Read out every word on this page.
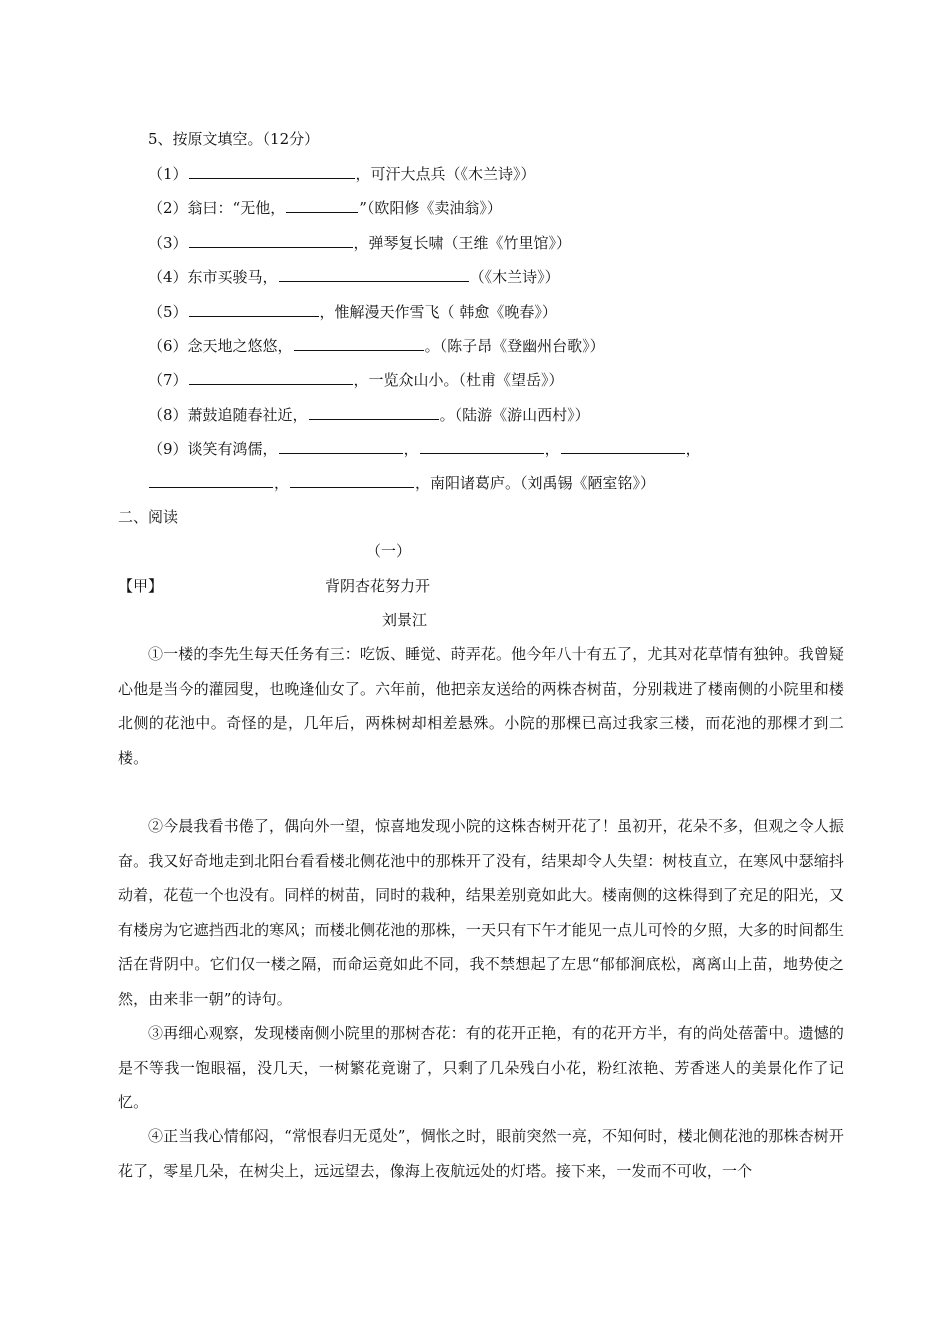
5、按原文填空。（12分）
（1）	，可汗大点兵（《木兰诗》）
（2）翁曰：“无他，	”（欧阳修《卖油翁》）
（3）	，弹琴复长啸（王维《竹里馆》）
（4）东市买骏马，	（《木兰诗》）
（5）	，惟解漫天作雪飞（ 韩愈《晚春》）
（6）念天地之悠悠，	。（陈子昂《登幽州台歌》）
（7）	，一览众山小。（杜甫《望岳》）
（8）萧鼓追随春社近，	。（陆游《游山西村》）
（9）谈笑有鸿儒，	，	，	，
，	，南阳诸葛庐。（刘禹锡《陋室铭》）
二、阅读
（一）
【甲】	背阴杏花努力开
刘景江
①一楼的李先生每天任务有三：吃饭、睡觉、莳弄花。他今年八十有五了，尤其对花草情有独钟。我曾疑心他是当今的灌园叟，也晚逢仙女了。六年前，他把亲友送给的两株杏树苗，分别栽进了楼南侧的小院里和楼北侧的花池中。奇怪的是，几年后，两株树却相差悬殊。小院的那棵已高过我家三楼，而花池的那棵才到二楼。
②今晨我看书倦了，偶向外一望，惊喜地发现小院的这株杏树开花了！虽初开，花朵不多，但观之令人振奋。我又好奇地走到北阳台看看楼北侧花池中的那株开了没有，结果却令人失望：树枝直立，在寒风中瑟缩抖动着，花苞一个也没有。同样的树苗，同时的栽种，结果差别竟如此大。楼南侧的这株得到了充足的阳光，又有楼房为它遮挡西北的寒风；而楼北侧花池的那株，一天只有下午才能见一点儿可怜的夕照，大多的时间都生活在背阴中。它们仅一楼之隔，而命运竟如此不同，我不禁想起了左思“郁郁涧底松，离离山上苗，地势使之然，由来非一朝”的诗句。
③再细心观察，发现楼南侧小院里的那树杏花：有的花开正艳，有的花开方半，有的尚处蓓蕾中。遗憾的是不等我一饱眼福，没几天，一树繁花竟谢了，只剩了几朵残白小花，粉红浓艳、芳香迷人的美景化作了记忆。
④正当我心情郁闷，“常恨春归无觅处”，惆怅之时，眼前突然一亮，不知何时，楼北侧花池的那株杏树开花了，零星几朵，在树尖上，远远望去，像海上夜航远处的灯塔。接下来，一发而不可收，一个
